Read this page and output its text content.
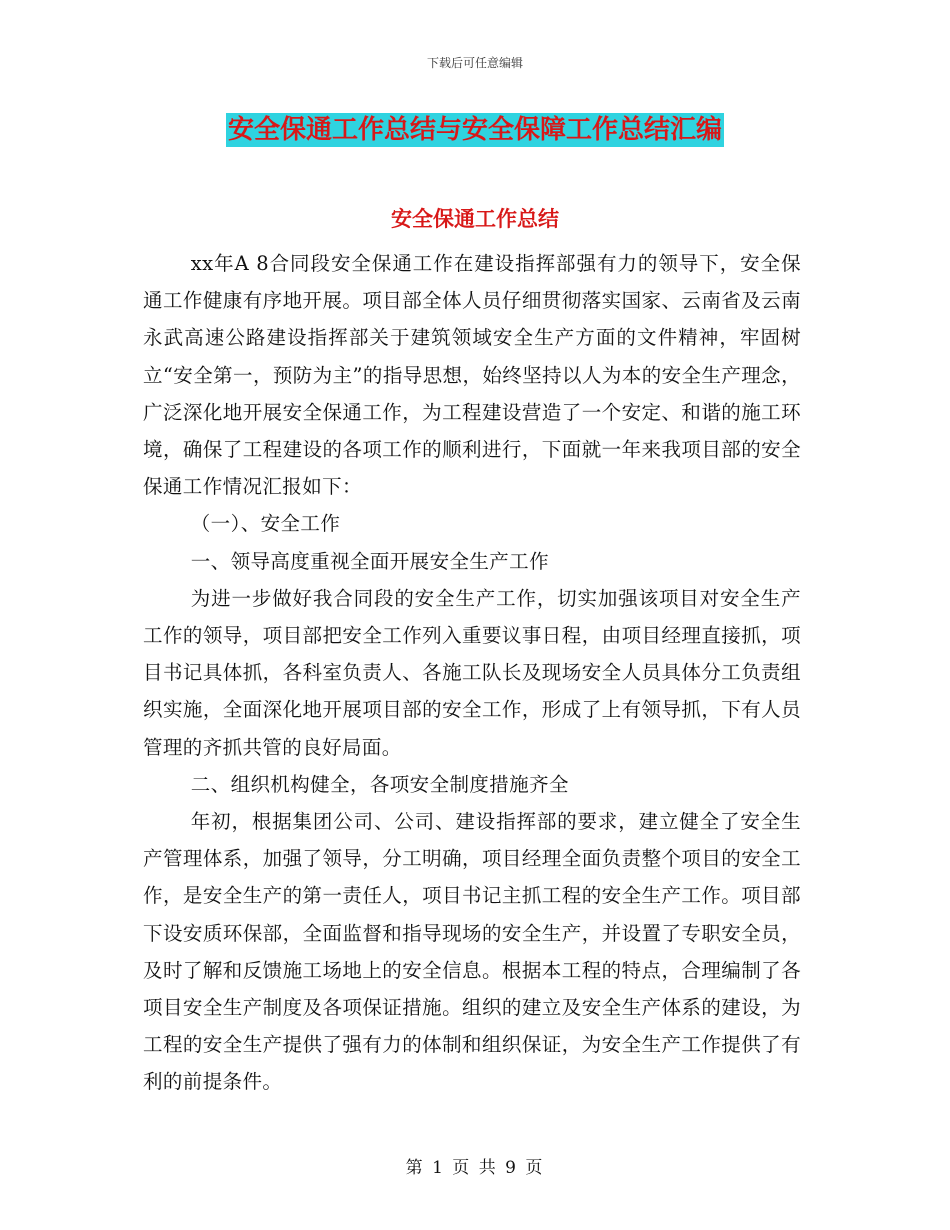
下载后可任意编辑
安全保通工作总结与安全保障工作总结汇编
安全保通工作总结

xx年A 8合同段安全保通工作在建设指挥部强有力的领导下，安全保通工作健康有序地开展。项目部全体人员仔细贯彻落实国家、云南省及云南永武高速公路建设指挥部关于建筑领域安全生产方面的文件精神，牢固树立“安全第一，预防为主”的指导思想，始终坚持以人为本的安全生产理念，广泛深化地开展安全保通工作，为工程建设营造了一个安定、和谐的施工环境，确保了工程建设的各项工作的顺利进行，下面就一年来我项目部的安全保通工作情况汇报如下：

（一）、安全工作

一、领导高度重视全面开展安全生产工作

为进一步做好我合同段的安全生产工作，切实加强该项目对安全生产工作的领导，项目部把安全工作列入重要议事日程，由项目经理直接抓，项目书记具体抓，各科室负责人、各施工队长及现场安全人员具体分工负责组织实施，全面深化地开展项目部的安全工作，形成了上有领导抓，下有人员管理的齐抓共管的良好局面。

二、组织机构健全，各项安全制度措施齐全

年初，根据集团公司、公司、建设指挥部的要求，建立健全了安全生产管理体系，加强了领导，分工明确，项目经理全面负责整个项目的安全工作，是安全生产的第一责任人，项目书记主抓工程的安全生产工作。项目部下设安质环保部，全面监督和指导现场的安全生产，并设置了专职安全员，及时了解和反馈施工场地上的安全信息。根据本工程的特点，合理编制了各项目安全生产制度及各项保证措施。组织的建立及安全生产体系的建设，为工程的安全生产提供了强有力的体制和组织保证，为安全生产工作提供了有利的前提条件。

第 1 页 共 9 页
